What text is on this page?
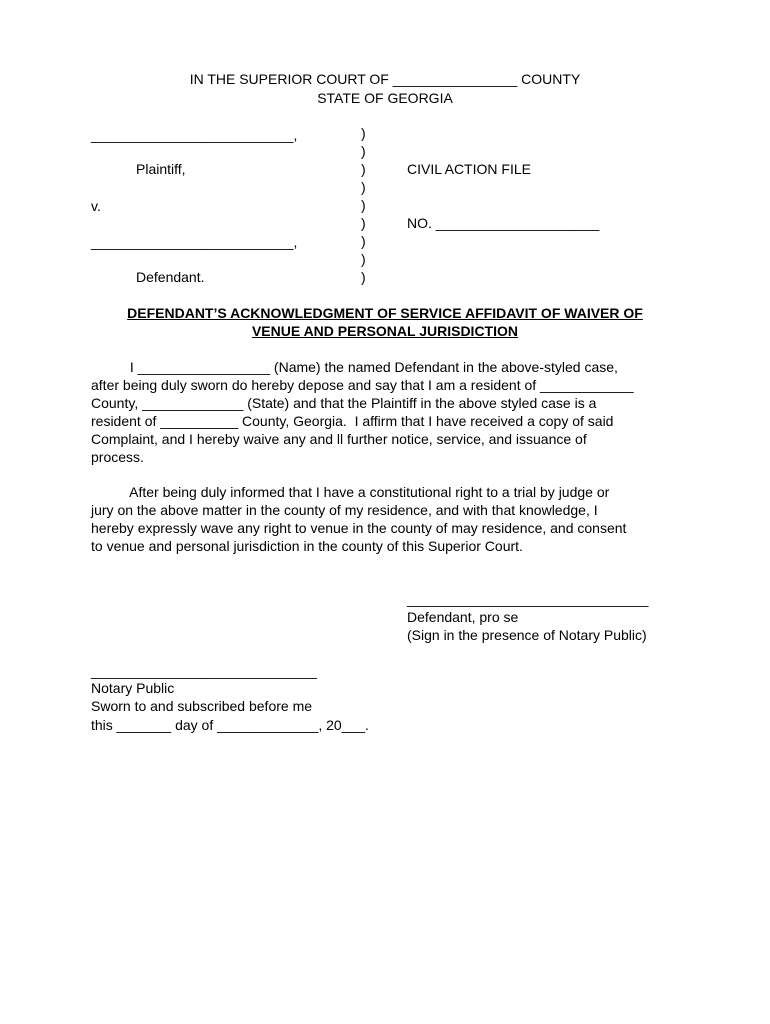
IN THE SUPERIOR COURT OF ________________ COUNTY
STATE OF GEORGIA
__________________________,
Plaintiff,
v.
__________________________,
Defendant.
)
)
)
)
)
)
)
)
)
CIVIL ACTION FILE
NO. _____________________
DEFENDANT’S ACKNOWLEDGMENT OF SERVICE AFFIDAVIT OF WAIVER OF
VENUE AND PERSONAL JURISDICTION
I _________________ (Name) the named Defendant in the above-styled case,
after being duly sworn do hereby depose and say that I am a resident of ____________
County, _____________ (State) and that the Plaintiff in the above styled case is a
resident of __________ County, Georgia.  I affirm that I have received a copy of said
Complaint, and I hereby waive any and ll further notice, service, and issuance of
process.
After being duly informed that I have a constitutional right to a trial by judge or
jury on the above matter in the county of my residence, and with that knowledge, I
hereby expressly wave any right to venue in the county of may residence, and consent
to venue and personal jurisdiction in the county of this Superior Court.
_______________________________
Defendant, pro se
(Sign in the presence of Notary Public)
_____________________________
Notary Public
Sworn to and subscribed before me
this _______ day of _____________, 20___.
